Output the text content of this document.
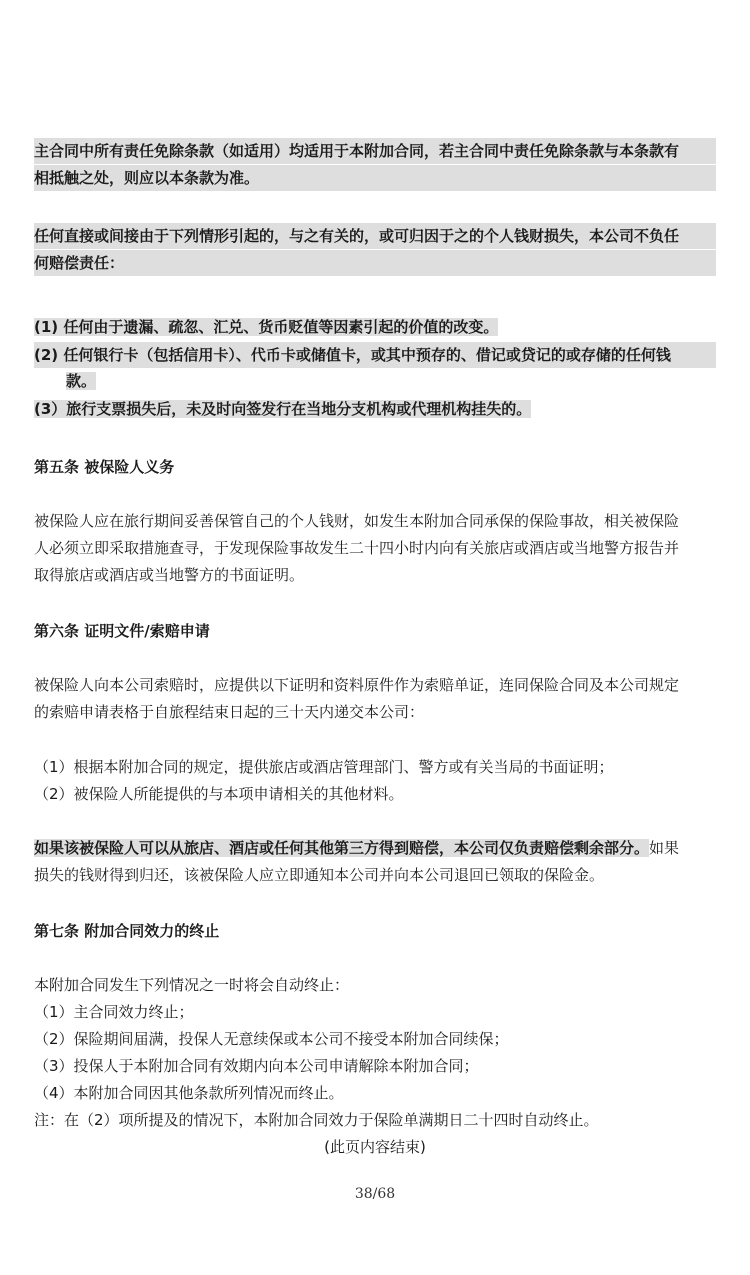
主合同中所有责任免除条款（如适用）均适用于本附加合同，若主合同中责任免除条款与本条款有
相抵触之处，则应以本条款为准。
任何直接或间接由于下列情形引起的，与之有关的，或可归因于之的个人钱财损失，本公司不负任
何赔偿责任：
(1) 任何由于遗漏、疏忽、汇兑、货币贬值等因素引起的价值的改变。
(2) 任何银行卡（包括信用卡）、代币卡或储值卡，或其中预存的、借记或贷记的或存储的任何钱
款。
(3）旅行支票损失后，未及时向签发行在当地分支机构或代理机构挂失的。
第五条 被保险人义务
被保险人应在旅行期间妥善保管自己的个人钱财，如发生本附加合同承保的保险事故，相关被保险
人必须立即采取措施查寻，于发现保险事故发生二十四小时内向有关旅店或酒店或当地警方报告并
取得旅店或酒店或当地警方的书面证明。
第六条 证明文件/索赔申请
被保险人向本公司索赔时，应提供以下证明和资料原件作为索赔单证，连同保险合同及本公司规定
的索赔申请表格于自旅程结束日起的三十天内递交本公司：
（1）根据本附加合同的规定，提供旅店或酒店管理部门、警方或有关当局的书面证明；
（2）被保险人所能提供的与本项申请相关的其他材料。
如果该被保险人可以从旅店、酒店或任何其他第三方得到赔偿，本公司仅负责赔偿剩余部分。如果
损失的钱财得到归还，该被保险人应立即通知本公司并向本公司退回已领取的保险金。
第七条 附加合同效力的终止
本附加合同发生下列情况之一时将会自动终止：
（1）主合同效力终止；
（2）保险期间届满，投保人无意续保或本公司不接受本附加合同续保；
（3）投保人于本附加合同有效期内向本公司申请解除本附加合同；
（4）本附加合同因其他条款所列情况而终止。
注：在（2）项所提及的情况下，本附加合同效力于保险单满期日二十四时自动终止。
(此页内容结束)
38/68
